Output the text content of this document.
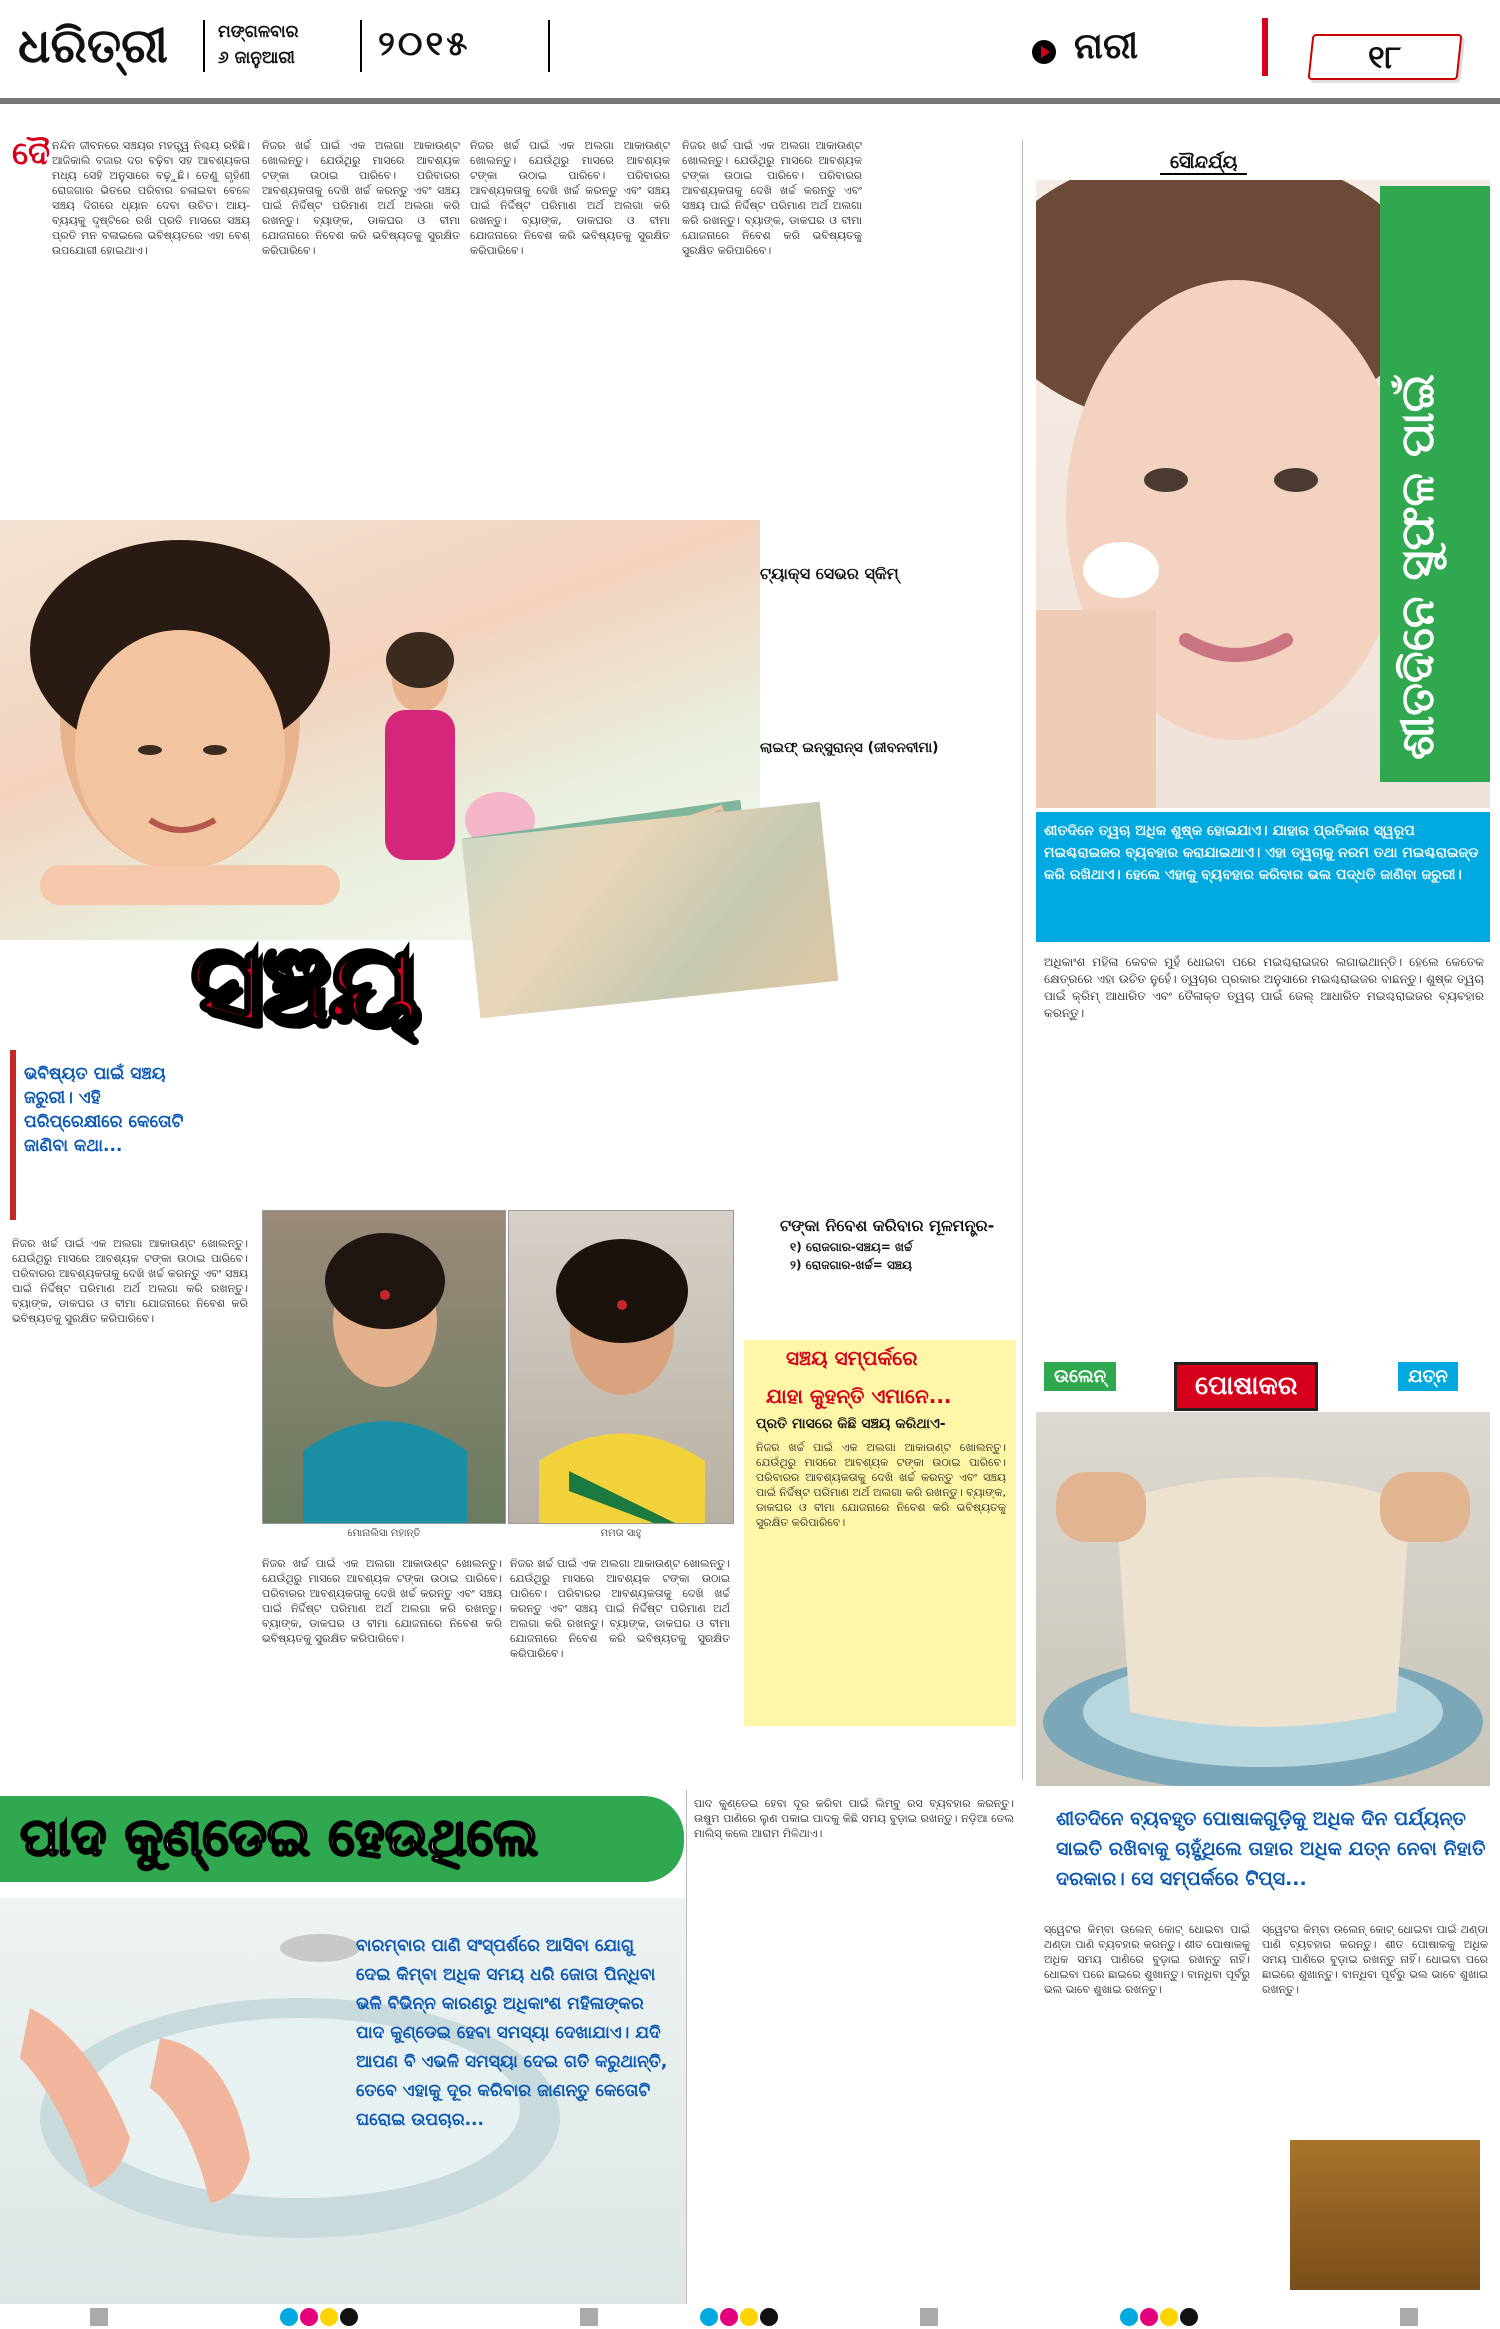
ଧରିତ୍ରୀ	ମଙ୍ଗଳବାର
୬ ଜାନୁଆରୀ ୨୦୧୫	ନାରୀ	୧୮
ଦୈ ନନ୍ଦିନ ଜୀବନରେ ସଞ୍ଚୟର ମହତ୍ତ୍ୱ ନିଶ୍ଚୟ ରହିଛି। ଆଜିକାଲି ବଜାର ଦର ବଢ଼ିବା ସହ ଆବଶ୍ୟକତା ମଧ୍ୟ ସେହି ଅନୁସାରେ ବଢ଼ୁଛି। ତେଣୁ ଗୃହିଣୀ ରୋଜଗାର ଭିତରେ ପରିବାର ଚଳାଇବା ବେଳେ ସଞ୍ଚୟ ଦିଗରେ ଧ୍ୟାନ ଦେବା ଉଚିତ। ଆୟ-ବ୍ୟୟକୁ ଦୃଷ୍ଟିରେ ରଖି ପ୍ରତି ମାସରେ ସଞ୍ଚୟ ପ୍ରତି ମନ ବଳାଇଲେ ଭବିଷ୍ୟତରେ ଏହା ବେଶ୍ ଉପଯୋଗୀ ହୋଇଥାଏ।
ନିଜର ଖର୍ଚ୍ଚ ପାଇଁ ଏକ ଅଲଗା ଆକାଉଣ୍ଟ ଖୋଲନ୍ତୁ। ଯେଉଁଥିରୁ ମାସରେ ଆବଶ୍ୟକ ଟଙ୍କା ଉଠାଇ ପାରିବେ। ପରିବାରର ଆବଶ୍ୟକତାକୁ ଦେଖି ଖର୍ଚ୍ଚ କରନ୍ତୁ ଏବଂ ସଞ୍ଚୟ ପାଇଁ ନିର୍ଦ୍ଦିଷ୍ଟ ପରିମାଣ ଅର୍ଥ ଅଲଗା କରି ରଖନ୍ତୁ। ବ୍ୟାଙ୍କ, ଡାକଘର ଓ ବୀମା ଯୋଜନାରେ ନିବେଶ କରି ଭବିଷ୍ୟତକୁ ସୁରକ୍ଷିତ କରିପାରିବେ।
ନିଜର ଖର୍ଚ୍ଚ ପାଇଁ ଏକ ଅଲଗା ଆକାଉଣ୍ଟ ଖୋଲନ୍ତୁ। ଯେଉଁଥିରୁ ମାସରେ ଆବଶ୍ୟକ ଟଙ୍କା ଉଠାଇ ପାରିବେ। ପରିବାରର ଆବଶ୍ୟକତାକୁ ଦେଖି ଖର୍ଚ୍ଚ କରନ୍ତୁ ଏବଂ ସଞ୍ଚୟ ପାଇଁ ନିର୍ଦ୍ଦିଷ୍ଟ ପରିମାଣ ଅର୍ଥ ଅଲଗା କରି ରଖନ୍ତୁ। ବ୍ୟାଙ୍କ, ଡାକଘର ଓ ବୀମା ଯୋଜନାରେ ନିବେଶ କରି ଭବିଷ୍ୟତକୁ ସୁରକ୍ଷିତ କରିପାରିବେ।
ନିଜର ଖର୍ଚ୍ଚ ପାଇଁ ଏକ ଅଲଗା ଆକାଉଣ୍ଟ ଖୋଲନ୍ତୁ। ଯେଉଁଥିରୁ ମାସରେ ଆବଶ୍ୟକ ଟଙ୍କା ଉଠାଇ ପାରିବେ। ପରିବାରର ଆବଶ୍ୟକତାକୁ ଦେଖି ଖର୍ଚ୍ଚ କରନ୍ତୁ ଏବଂ ସଞ୍ଚୟ ପାଇଁ ନିର୍ଦ୍ଦିଷ୍ଟ ପରିମାଣ ଅର୍ଥ ଅଲଗା କରି ରଖନ୍ତୁ। ବ୍ୟାଙ୍କ, ଡାକଘର ଓ ବୀମା ଯୋଜନାରେ ନିବେଶ କରି ଭବିଷ୍ୟତକୁ ସୁରକ୍ଷିତ କରିପାରିବେ।
ଟ୍ୟାକ୍ସ ସେଭର ସ୍କିମ୍
ଲାଇଫ୍ ଇନ୍ସୁରାନ୍ସ (ଜୀବନବୀମା)
ସଞ୍ଚୟ
ଭବିଷ୍ୟତ ପାଇଁ ସଞ୍ଚୟ ଜରୁରୀ। ଏହି ପରିପ୍ରେକ୍ଷୀରେ କେତୋଟି ଜାଣିବା କଥା...
ମୋନାଲିସା ମହାନ୍ତି	ମମତା ସାହୁ
ନିଜର ଖର୍ଚ୍ଚ ପାଇଁ ଏକ ଅଲଗା ଆକାଉଣ୍ଟ ଖୋଲନ୍ତୁ। ଯେଉଁଥିରୁ ମାସରେ ଆବଶ୍ୟକ ଟଙ୍କା ଉଠାଇ ପାରିବେ। ପରିବାରର ଆବଶ୍ୟକତାକୁ ଦେଖି ଖର୍ଚ୍ଚ କରନ୍ତୁ ଏବଂ ସଞ୍ଚୟ ପାଇଁ ନିର୍ଦ୍ଦିଷ୍ଟ ପରିମାଣ ଅର୍ଥ ଅଲଗା କରି ରଖନ୍ତୁ। ବ୍ୟାଙ୍କ, ଡାକଘର ଓ ବୀମା ଯୋଜନାରେ ନିବେଶ କରି ଭବିଷ୍ୟତକୁ ସୁରକ୍ଷିତ କରିପାରିବେ।
ନିଜର ଖର୍ଚ୍ଚ ପାଇଁ ଏକ ଅଲଗା ଆକାଉଣ୍ଟ ଖୋଲନ୍ତୁ। ଯେଉଁଥିରୁ ମାସରେ ଆବଶ୍ୟକ ଟଙ୍କା ଉଠାଇ ପାରିବେ। ପରିବାରର ଆବଶ୍ୟକତାକୁ ଦେଖି ଖର୍ଚ୍ଚ କରନ୍ତୁ ଏବଂ ସଞ୍ଚୟ ପାଇଁ ନିର୍ଦ୍ଦିଷ୍ଟ ପରିମାଣ ଅର୍ଥ ଅଲଗା କରି ରଖନ୍ତୁ। ବ୍ୟାଙ୍କ, ଡାକଘର ଓ ବୀମା ଯୋଜନାରେ ନିବେଶ କରି ଭବିଷ୍ୟତକୁ ସୁରକ୍ଷିତ କରିପାରିବେ।
ନିଜର ଖର୍ଚ୍ଚ ପାଇଁ ଏକ ଅଲଗା ଆକାଉଣ୍ଟ ଖୋଲନ୍ତୁ। ଯେଉଁଥିରୁ ମାସରେ ଆବଶ୍ୟକ ଟଙ୍କା ଉଠାଇ ପାରିବେ। ପରିବାରର ଆବଶ୍ୟକତାକୁ ଦେଖି ଖର୍ଚ୍ଚ କରନ୍ତୁ ଏବଂ ସଞ୍ଚୟ ପାଇଁ ନିର୍ଦ୍ଦିଷ୍ଟ ପରିମାଣ ଅର୍ଥ ଅଲଗା କରି ରଖନ୍ତୁ। ବ୍ୟାଙ୍କ, ଡାକଘର ଓ ବୀମା ଯୋଜନାରେ ନିବେଶ କରି ଭବିଷ୍ୟତକୁ ସୁରକ୍ଷିତ କରିପାରିବେ।
ଟଙ୍କା ନିବେଶ କରିବାର ମୂଳମନ୍ତ୍ର-
୧) ରୋଜଗାର-ସଞ୍ଚୟ= ଖର୍ଚ୍ଚ
୨) ରୋଜଗାର-ଖର୍ଚ୍ଚ= ସଞ୍ଚୟ
ସଞ୍ଚୟ ସମ୍ପର୍କରେ
ଯାହା କୁହନ୍ତି ଏମାନେ...
ପ୍ରତି ମାସରେ କିଛି ସଞ୍ଚୟ କରିଥାଏ-
ନିଜର ଖର୍ଚ୍ଚ ପାଇଁ ଏକ ଅଲଗା ଆକାଉଣ୍ଟ ଖୋଲନ୍ତୁ। ଯେଉଁଥିରୁ ମାସରେ ଆବଶ୍ୟକ ଟଙ୍କା ଉଠାଇ ପାରିବେ। ପରିବାରର ଆବଶ୍ୟକତାକୁ ଦେଖି ଖର୍ଚ୍ଚ କରନ୍ତୁ ଏବଂ ସଞ୍ଚୟ ପାଇଁ ନିର୍ଦ୍ଦିଷ୍ଟ ପରିମାଣ ଅର୍ଥ ଅଲଗା କରି ରଖନ୍ତୁ। ବ୍ୟାଙ୍କ, ଡାକଘର ଓ ବୀମା ଯୋଜନାରେ ନିବେଶ କରି ଭବିଷ୍ୟତକୁ ସୁରକ୍ଷିତ କରିପାରିବେ।
ସୌନ୍ଦର୍ଯ୍ୟ
ଶୀତଦିନେ ସୁଫଳ ପାଇଁ
ଶୀତଦିନେ ତ୍ୱଚା ଅଧିକ ଶୁଷ୍କ ହୋଇଯାଏ। ଯାହାର ପ୍ରତିକାର ସ୍ୱରୂପ ମଇଶ୍ଚରାଇଜର ବ୍ୟବହାର କରାଯାଇଥାଏ। ଏହା ତ୍ୱଚାକୁ ନରମ ତଥା ମଇଶ୍ଚରାଇଜ୍ଡ କରି ରଖିଥାଏ। ହେଲେ ଏହାକୁ ବ୍ୟବହାର କରିବାର ଭଲ ପଦ୍ଧତି ଜାଣିବା ଜରୁରୀ।
ଅଧିକାଂଶ ମହିଳା କେବଳ ମୁହଁ ଧୋଇବା ପରେ ମଇଶ୍ଚରାଇଜର ଲଗାଇଥାନ୍ତି। ହେଲେ କେତେକ କ୍ଷେତ୍ରରେ ଏହା ଉଚିତ ନୁହେଁ। ତ୍ୱଚାର ପ୍ରକାର ଅନୁସାରେ ମଇଶ୍ଚରାଇଜର ବାଛନ୍ତୁ। ଶୁଷ୍କ ତ୍ୱଚା ପାଇଁ କ୍ରିମ୍ ଆଧାରିତ ଏବଂ ତୈଳାକ୍ତ ତ୍ୱଚା ପାଇଁ ଜେଲ୍ ଆଧାରିତ ମଇଶ୍ଚରାଇଜର ବ୍ୟବହାର କରନ୍ତୁ।
ଉଲେନ୍	ପୋଷାକର	ଯତ୍ନ
ଶୀତଦିନେ ବ୍ୟବହୃତ ପୋଷାକଗୁଡ଼ିକୁ ଅଧିକ ଦିନ ପର୍ଯ୍ୟନ୍ତ ସାଇତି ରଖିବାକୁ ଚାହୁଁଥିଲେ ତାହାର ଅଧିକ ଯତ୍ନ ନେବା ନିହାତି ଦରକାର। ସେ ସମ୍ପର୍କରେ ଟିପ୍ସ...
ସ୍ୱେଟର କିମ୍ବା ଉଲେନ୍ କୋଟ୍ ଧୋଇବା ପାଇଁ ଥଣ୍ଡା ପାଣି ବ୍ୟବହାର କରନ୍ତୁ। ଶୀତ ପୋଷାକକୁ ଅଧିକ ସମୟ ପାଣିରେ ବୁଡ଼ାଇ ରଖନ୍ତୁ ନାହିଁ। ଧୋଇବା ପରେ ଛାଇରେ ଶୁଖାନ୍ତୁ। ବାନ୍ଧିବା ପୂର୍ବରୁ ଭଲ ଭାବେ ଶୁଖାଇ ରଖନ୍ତୁ।
ସ୍ୱେଟର କିମ୍ବା ଉଲେନ୍ କୋଟ୍ ଧୋଇବା ପାଇଁ ଥଣ୍ଡା ପାଣି ବ୍ୟବହାର କରନ୍ତୁ। ଶୀତ ପୋଷାକକୁ ଅଧିକ ସମୟ ପାଣିରେ ବୁଡ଼ାଇ ରଖନ୍ତୁ ନାହିଁ। ଧୋଇବା ପରେ ଛାଇରେ ଶୁଖାନ୍ତୁ। ବାନ୍ଧିବା ପୂର୍ବରୁ ଭଲ ଭାବେ ଶୁଖାଇ ରଖନ୍ତୁ।
ପାଦ କୁଣ୍ଡେଇ ହେଉଥିଲେ
ବାରମ୍ବାର ପାଣି ସଂସ୍ପର୍ଶରେ ଆସିବା ଯୋଗୁ ଦେଇ କିମ୍ବା ଅଧିକ ସମୟ ଧରି ଜୋତା ପିନ୍ଧିବା ଭଳି ବିଭିନ୍ନ କାରଣରୁ ଅଧିକାଂଶ ମହିଳାଙ୍କର ପାଦ କୁଣ୍ଡେଇ ହେବା ସମସ୍ୟା ଦେଖାଯାଏ। ଯଦି ଆପଣ ବି ଏଭଳି ସମସ୍ୟା ଦେଇ ଗତି କରୁଥାନ୍ତି, ତେବେ ଏହାକୁ ଦୂର କରିବାର ଜାଣନ୍ତୁ କେତୋଟି ଘରୋଇ ଉପଚାର...
ପାଦ କୁଣ୍ଡେଇ ହେବା ଦୂର କରିବା ପାଇଁ ଲିମ୍ବୁ ରସ ବ୍ୟବହାର କରନ୍ତୁ। ଉଷୁମ ପାଣିରେ ଲୁଣ ପକାଇ ପାଦକୁ କିଛି ସମୟ ବୁଡ଼ାଇ ରଖନ୍ତୁ। ନଡ଼ିଆ ତେଲ ମାଲିସ୍ କଲେ ଆରାମ ମିଳିଥାଏ।
